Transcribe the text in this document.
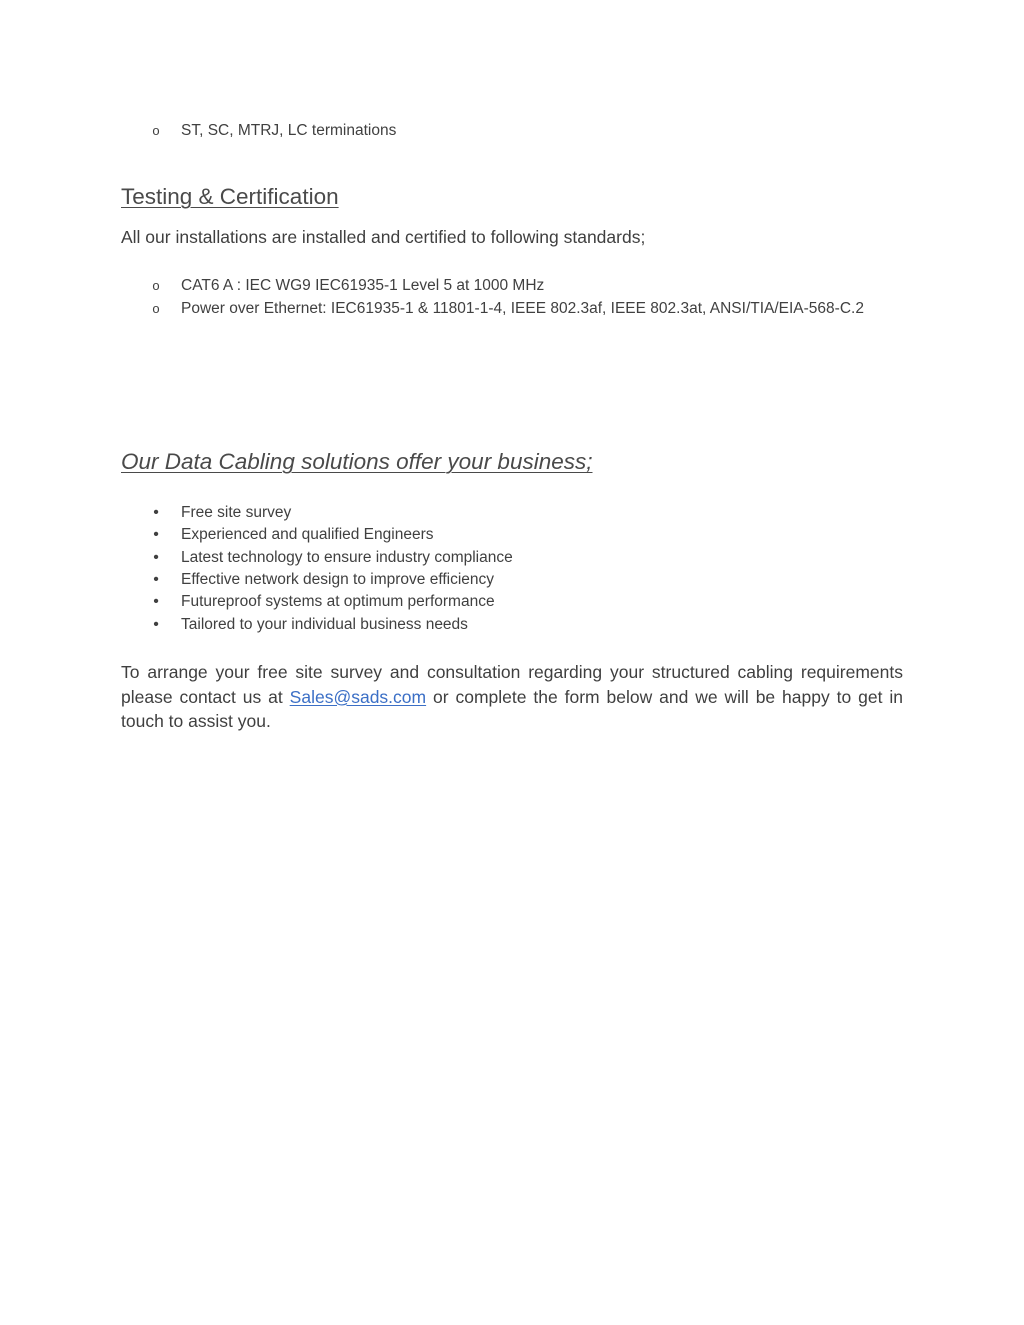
o ST, SC, MTRJ, LC terminations
Testing & Certification

All our installations are installed and certified to following standards;

o CAT6 A : IEC WG9 IEC61935-1 Level 5 at 1000 MHz
o Power over Ethernet: IEC61935-1 & 11801-1-4, IEEE 802.3af, IEEE 802.3at, ANSI/TIA/EIA-568-C.2
Our Data Cabling solutions offer your business;
• Free site survey
• Experienced and qualified Engineers
• Latest technology to ensure industry compliance
• Effective network design to improve efficiency
• Futureproof systems at optimum performance
• Tailored to your individual business needs

To arrange your free site survey and consultation regarding your structured cabling requirements please contact us at Sales@sads.com or complete the form below and we will be happy to get in touch to assist you.
